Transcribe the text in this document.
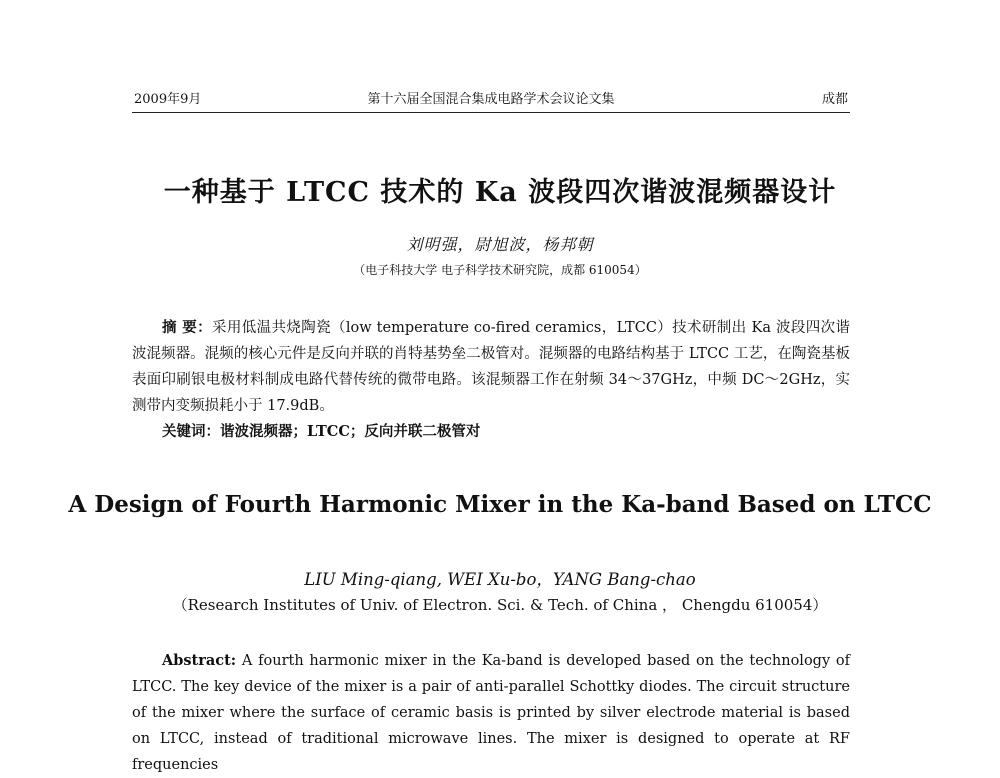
2009年9月	第十六届全国混合集成电路学术会议论文集	成都
一种基于 LTCC 技术的 Ka 波段四次谐波混频器设计
刘明强，尉旭波，杨邦朝
（电子科技大学 电子科学技术研究院，成都 610054）
摘 要：采用低温共烧陶瓷（low temperature co-fired ceramics，LTCC）技术研制出 Ka 波段四次谐波混频器。混频的核心元件是反向并联的肖特基势垒二极管对。混频器的电路结构基于 LTCC 工艺，在陶瓷基板表面印刷银电极材料制成电路代替传统的微带电路。该混频器工作在射频 34～37GHz，中频 DC～2GHz，实测带内变频损耗小于 17.9dB。
关键词：谐波混频器；LTCC；反向并联二极管对
A Design of Fourth Harmonic Mixer in the Ka-band Based on LTCC
LIU Ming-qiang, WEI Xu-bo，YANG Bang-chao
（Research Institutes of Univ. of Electron. Sci. & Tech. of China ， Chengdu 610054）
Abstract: A fourth harmonic mixer in the Ka-band is developed based on the technology of LTCC. The key device of the mixer is a pair of anti-parallel Schottky diodes. The circuit structure of the mixer where the surface of ceramic basis is printed by silver electrode material is based on LTCC, instead of traditional microwave lines. The mixer is designed to operate at RF frequencies
